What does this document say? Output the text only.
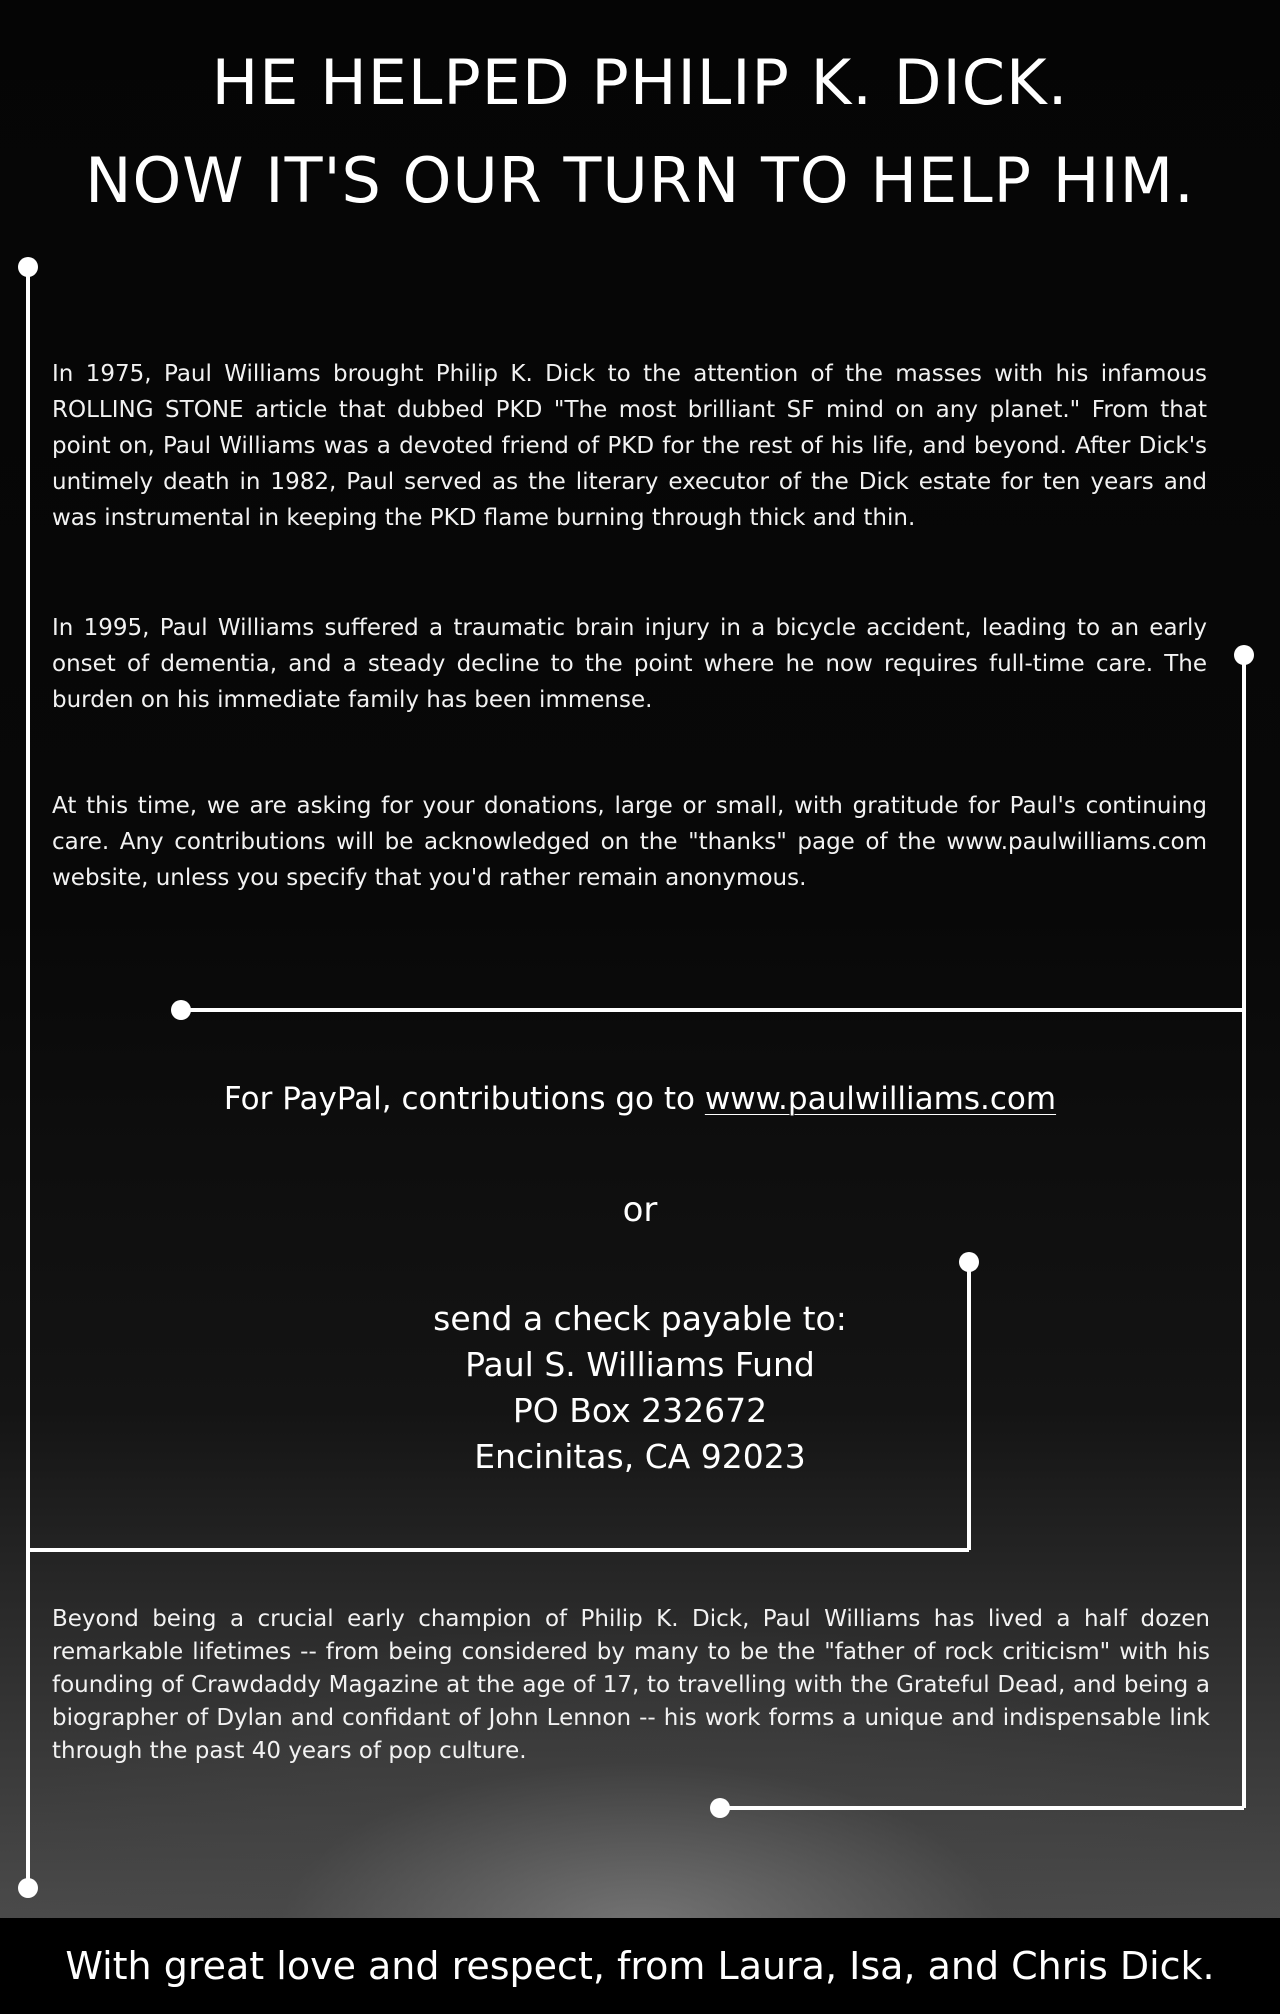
HE HELPED PHILIP K. DICK.
NOW IT'S OUR TURN TO HELP HIM.

In 1975, Paul Williams brought Philip K. Dick to the attention of the masses with his infamous ROLLING STONE article that dubbed PKD "The most brilliant SF mind on any planet." From that point on, Paul Williams was a devoted friend of PKD for the rest of his life, and beyond. After Dick's untimely death in 1982, Paul served as the literary executor of the Dick estate for ten years and was instrumental in keeping the PKD flame burning through thick and thin.

In 1995, Paul Williams suffered a traumatic brain injury in a bicycle accident, leading to an early onset of dementia, and a steady decline to the point where he now requires full-time care. The burden on his immediate family has been immense.

At this time, we are asking for your donations, large or small, with gratitude for Paul's continuing care. Any contributions will be acknowledged on the "thanks" page of the www.paulwilliams.com website, unless you specify that you'd rather remain anonymous.

For PayPal, contributions go to www.paulwilliams.com
or
send a check payable to:
Paul S. Williams Fund
PO Box 232672
Encinitas, CA 92023

Beyond being a crucial early champion of Philip K. Dick, Paul Williams has lived a half dozen remarkable lifetimes -- from being considered by many to be the "father of rock criticism" with his founding of Crawdaddy Magazine at the age of 17, to travelling with the Grateful Dead, and being a biographer of Dylan and confidant of John Lennon -- his work forms a unique and indispensable link through the past 40 years of pop culture.

With great love and respect, from Laura, Isa, and Chris Dick.
